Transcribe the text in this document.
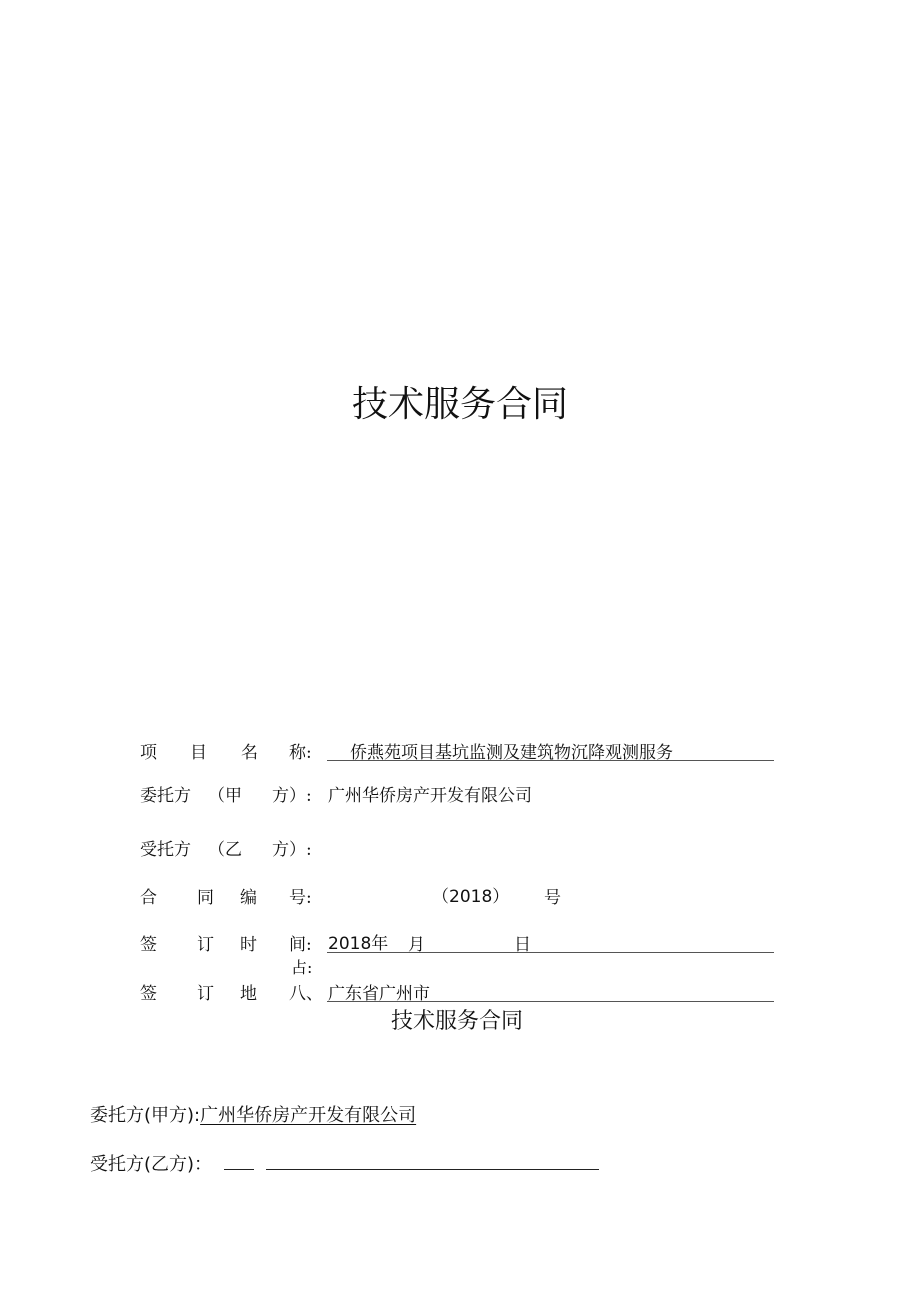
技术服务合同
项 目 名 称: 侨燕苑项目基坑监测及建筑物沉降观测服务
委托方 （甲 方）: 广州华侨房产开发有限公司
受托方 （乙 方）:
合 同 编 号:	（2018） 号
签 订 时 间: 2018年 月	日
占:
签 订 地 八、 广东省广州市
技术服务合同
委托方(甲方):广州华侨房产开发有限公司
受托方(乙方)：
